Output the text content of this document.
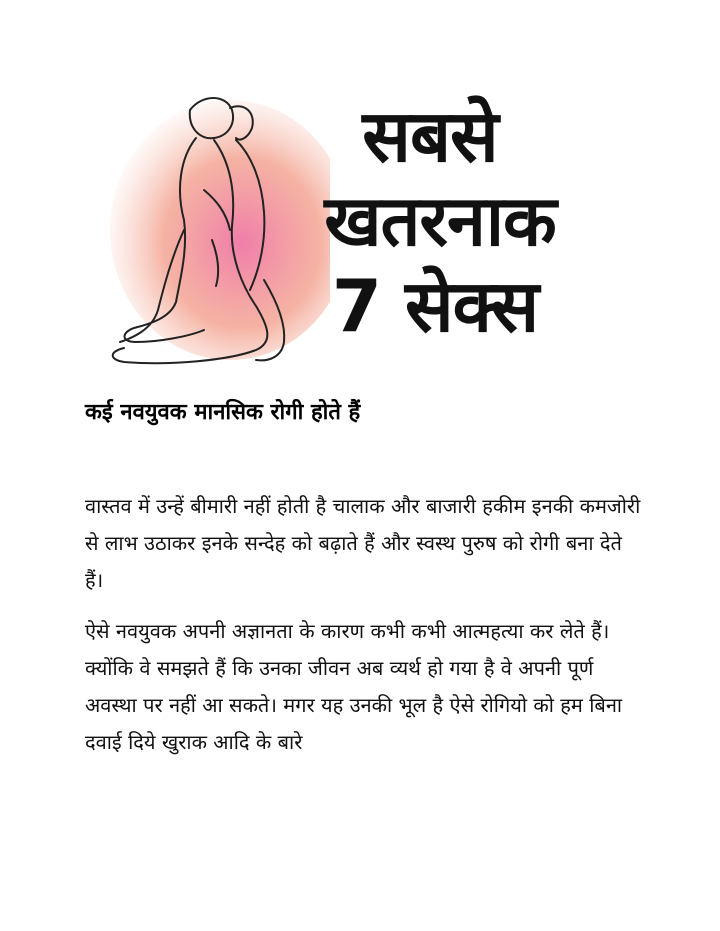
सबसे
खतरनाक
7 सेक्स
कई नवयुवक मानसिक रोगी होते हैं

वास्तव में उन्हें बीमारी नहीं होती है चालाक और बाजारी हकीम इनकी कमजोरी से लाभ उठाकर इनके सन्देह को बढ़ाते हैं और स्वस्थ पुरुष को रोगी बना देते हैं।

ऐसे नवयुवक अपनी अज्ञानता के कारण कभी कभी आत्महत्या कर लेते हैं। क्योंकि वे समझते हैं कि उनका जीवन अब व्यर्थ हो गया है वे अपनी पूर्ण अवस्था पर नहीं आ सकते। मगर यह उनकी भूल है ऐसे रोगियो को हम बिना दवाई दिये खुराक आदि के बारे
